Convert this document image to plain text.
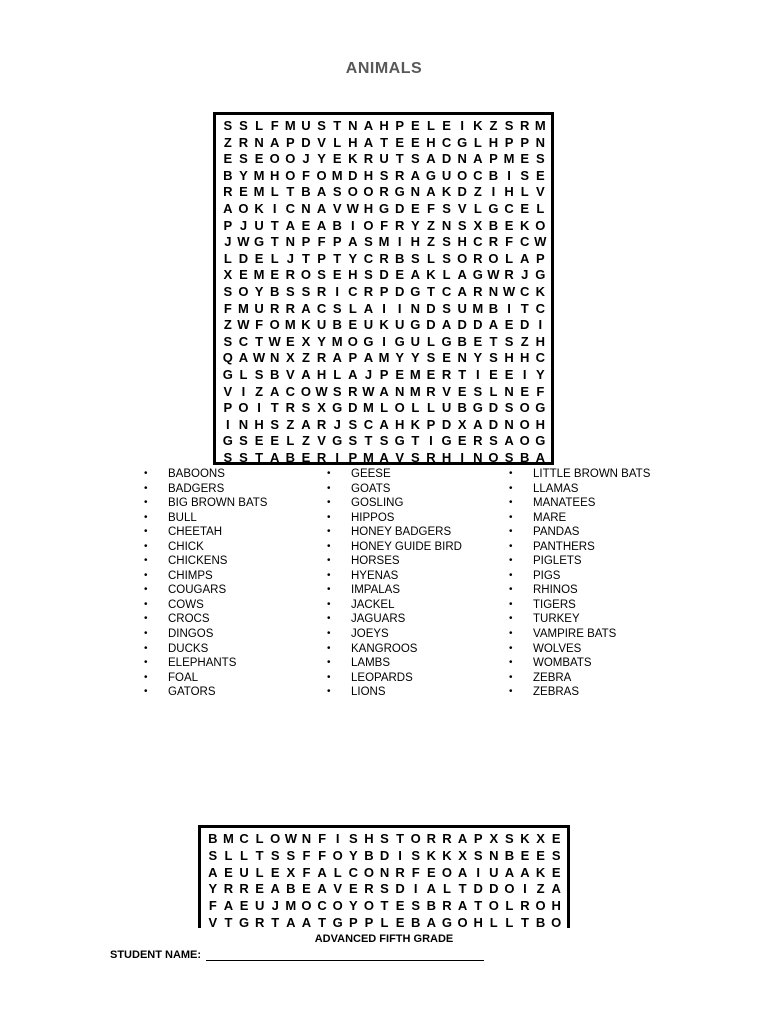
ANIMALS
S S L F M U S T N A H P E L E I K Z S R M
Z R N A P D V L H A T E E H C G L H P P N
E S E O O J Y E K R U T S A D N A P M E S
B Y M H O F O M D H S R A G U O C B I S E
R E M L T B A S O O R G N A K D Z I H L V
A O K I C N A V W H G D E F S V L G C E L
P J U T A E A B I O F R Y Z N S X B E K O
J W G T N P F P A S M I H Z S H C R F C W
L D E L J T P T Y C R B S L S O R O L A P
X E M E R O S E H S D E A K L A G W R J G
S O Y B S S R I C R P D G T C A R N W C K
F M U R R A C S L A I I N D S U M B I T C
Z W F O M K U B E U K U G D A D D A E D I
S C T W E X Y M O G I G U L G B E T S Z H
Q A W N X Z R A P A M Y Y S E N Y S H H C
G L S B V A H L A J P E M E R T I E E I Y
V I Z A C O W S R W A N M R V E S L N E F
P O I T R S X G D M L O L L U B G D S O G
I N H S Z A R J S C A H K P D X A D N O H
G S E E L Z V G S T S G T I G E R S A O G
S S T A B E R I P M A V S R H I N O S B A
• BABOONS
• BADGERS
• BIG BROWN BATS
• BULL
• CHEETAH
• CHICK
• CHICKENS
• CHIMPS
• COUGARS
• COWS
• CROCS
• DINGOS
• DUCKS
• ELEPHANTS
• FOAL
• GATORS
• GEESE
• GOATS
• GOSLING
• HIPPOS
• HONEY BADGERS
• HONEY GUIDE BIRD
• HORSES
• HYENAS
• IMPALAS
• JACKEL
• JAGUARS
• JOEYS
• KANGROOS
• LAMBS
• LEOPARDS
• LIONS
• LITTLE BROWN BATS
• LLAMAS
• MANATEES
• MARE
• PANDAS
• PANTHERS
• PIGLETS
• PIGS
• RHINOS
• TIGERS
• TURKEY
• VAMPIRE BATS
• WOLVES
• WOMBATS
• ZEBRA
• ZEBRAS
B M C L O W N F I S H S T O R R A P X S K X E
S L L T S S F F O Y B D I S K K X S N B E E S
A E U L E X F A L C O N R F E O A I U A A K E
Y R R E A B E A V E R S D I A L T D D O I Z A
F A E U J M O C O Y O T E S B R A T O L R O H
V T G R T A A T G P P L E B A G O H L L T B O
ADVANCED FIFTH GRADE
STUDENT NAME:
